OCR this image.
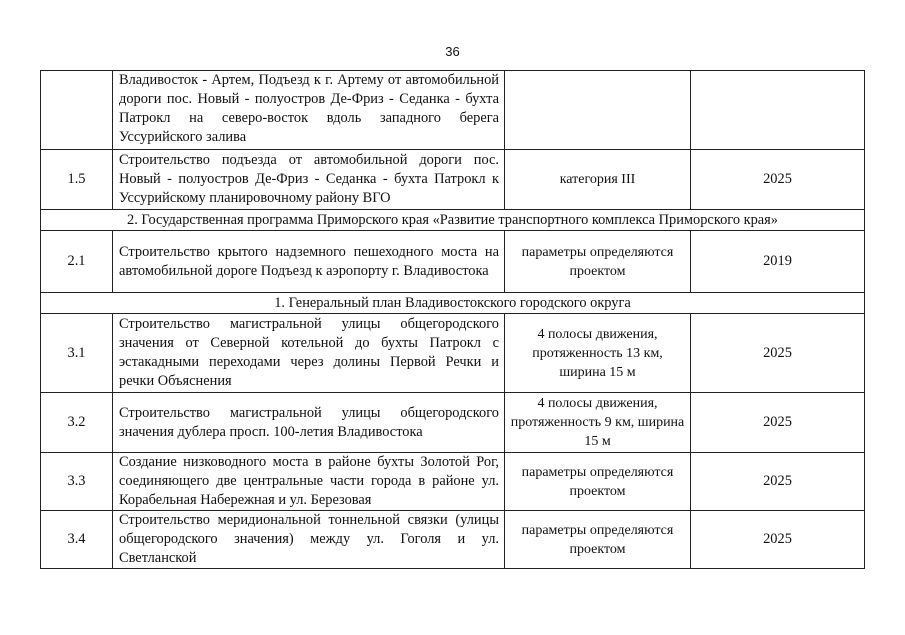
36
	Владивосток - Артем, Подъезд к г. Артему от автомобильной дороги пос. Новый - полуостров Де-Фриз - Седанка - бухта Патрокл на северо-восток вдоль западного берега Уссурийского залива		
1.5	Строительство подъезда от автомобильной дороги пос. Новый - полуостров Де-Фриз - Седанка - бухта Патрокл к Уссурийскому планировочному району ВГО	категория III	2025
2. Государственная программа Приморского края «Развитие транспортного комплекса Приморского края»			
2.1	Строительство крытого надземного пешеходного моста на автомобильной дороге Подъезд к аэропорту г. Владивостока	параметры определяются проектом	2019
1. Генеральный план Владивостокского городского округа			
3.1	Строительство магистральной улицы общегородского значения от Северной котельной до бухты Патрокл с эстакадными переходами через долины Первой Речки и речки Объяснения	4 полосы движения, протяженность 13 км, ширина 15 м	2025
3.2	Строительство магистральной улицы общегородского значения дублера просп. 100-летия Владивостока	4 полосы движения, протяженность 9 км, ширина 15 м	2025
3.3	Создание низководного моста в районе бухты Золотой Рог, соединяющего две центральные части города в районе ул. Корабельная Набережная и ул. Березовая	параметры определяются проектом	2025
3.4	Строительство меридиональной тоннельной связки (улицы общегородского значения) между ул. Гоголя и ул. Светланской	параметры определяются проектом	2025
